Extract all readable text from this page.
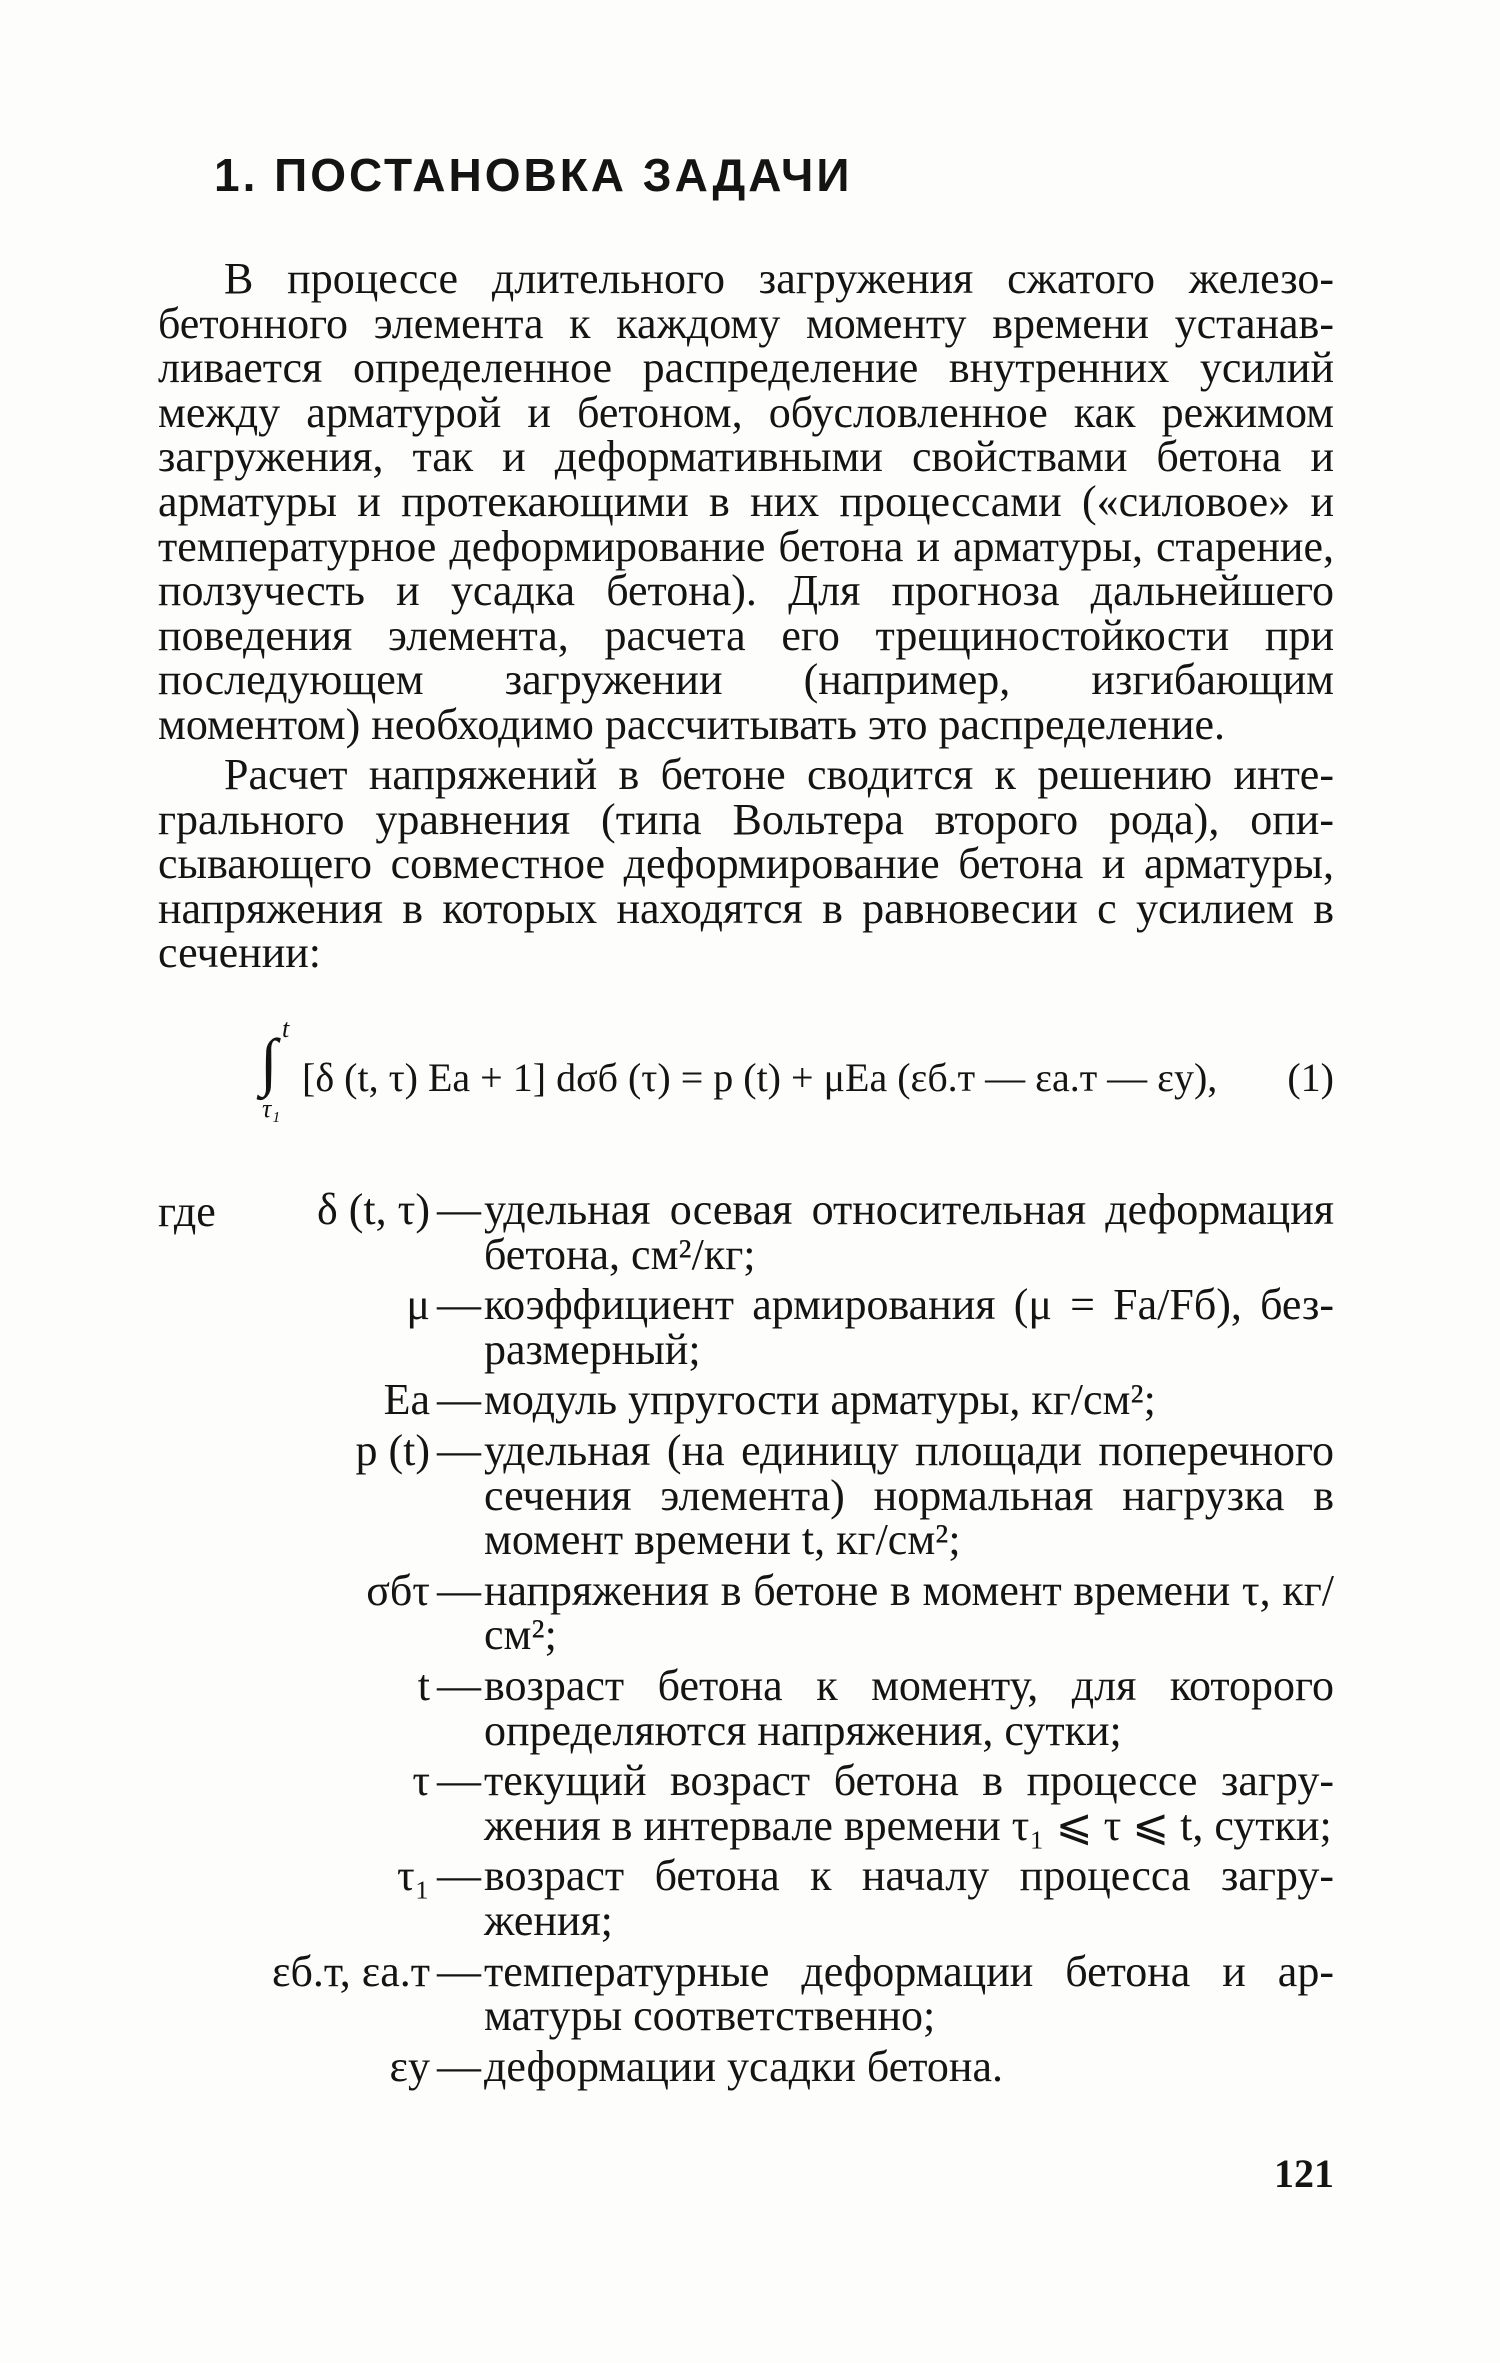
1. ПОСТАНОВКА ЗАДАЧИ
В процессе длительного загружения сжатого железобетонного элемента к каждому моменту времени устанавливается определенное распределение внутренних усилий между арматурой и бетоном, обусловленное как режимом загружения, так и деформативными свойствами бетона и арматуры и протекающими в них процессами («силовое» и температурное деформирование бетона и арматуры, старение, ползучесть и усадка бетона). Для прогноза дальнейшего поведения элемента, расчета его трещиностойкости при последующем загружении (например, изгибающим моментом) необходимо рассчитывать это распределение.
Расчет напряжений в бетоне сводится к решению интегрального уравнения (типа Вольтера второго рода), описывающего совместное деформирование бетона и арматуры, напряжения в которых находятся в равновесии с усилием в сечении:
t
∫
τ₁
[δ (t, τ) Eа + 1] dσб (τ) = p (t) + μEа (εб.т — εа.т — εу), (1)
где	δ (t, τ) — удельная осевая относительная деформация бетона, см²/кг;
μ — коэффициент армирования (μ = Fа/Fб), безразмерный;
Eа — модуль упругости арматуры, кг/см²;
p (t) — удельная (на единицу площади поперечного сечения элемента) нормальная нагрузка в момент времени t, кг/см²;
σбτ — напряжения в бетоне в момент времени τ, кг/см²;
t — возраст бетона к моменту, для которого определяются напряжения, сутки;
τ — текущий возраст бетона в процессе загружения в интервале времени τ₁ ⩽ τ ⩽ t, сутки;
τ₁ — возраст бетона к началу процесса загружения;
εб.т, εа.т — температурные деформации бетона и арматуры соответственно;
εу — деформации усадки бетона.
121
